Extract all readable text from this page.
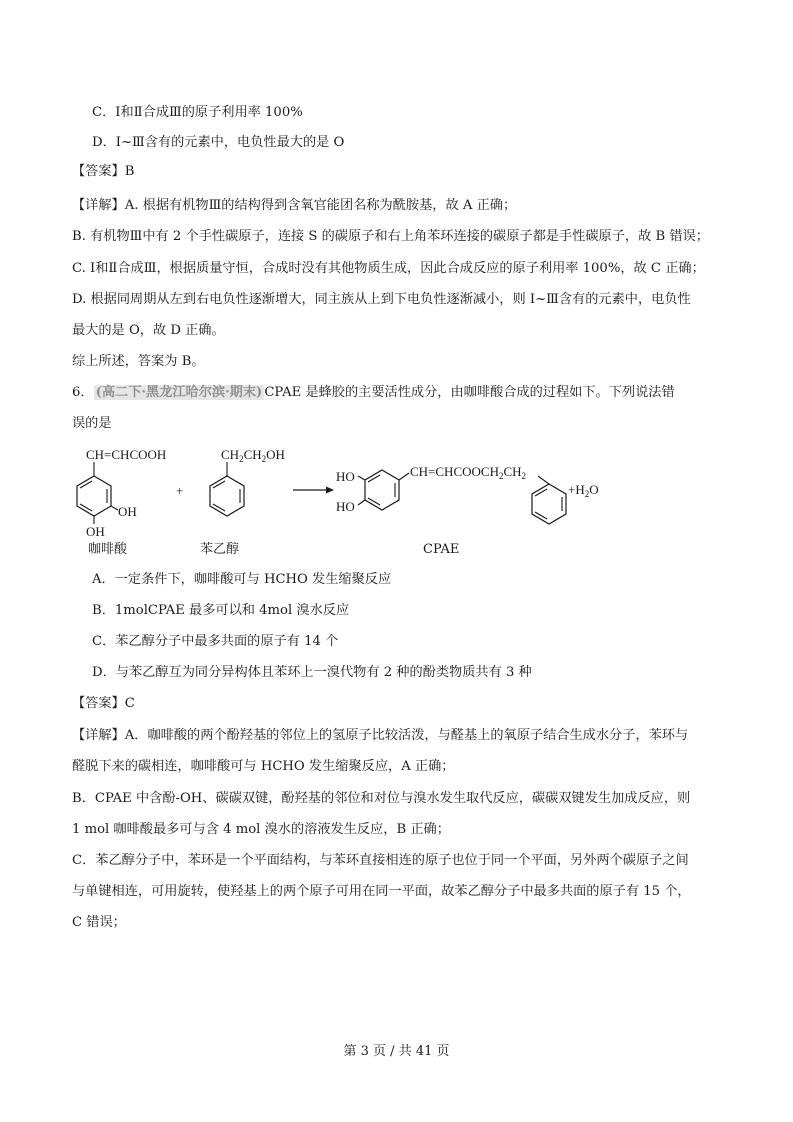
C．Ⅰ和Ⅱ合成Ⅲ的原子利用率 100%
D．Ⅰ~Ⅲ含有的元素中，电负性最大的是 O
【答案】B
【详解】A. 根据有机物Ⅲ的结构得到含氧官能团名称为酰胺基，故 A 正确；
B. 有机物Ⅲ中有 2 个手性碳原子，连接 S 的碳原子和右上角苯环连接的碳原子都是手性碳原子，故 B 错误；
C. Ⅰ和Ⅱ合成Ⅲ，根据质量守恒，合成时没有其他物质生成，因此合成反应的原子利用率 100%，故 C 正确；
D. 根据同周期从左到右电负性逐渐增大，同主族从上到下电负性逐渐减小，则 Ⅰ~Ⅲ含有的元素中，电负性
最大的是 O，故 D 正确。
综上所述，答案为 B。
6． (高二下·黑龙江哈尔滨·期末) CPAE 是蜂胶的主要活性成分，由咖啡酸合成的过程如下。下列说法错
误的是
CH=CHCOOH
OH
OH
+
$CH_2CH_2OH$
HO
HO
$CH=CHCOOCH_2CH_2$
$+H_2O$
咖啡酸	苯乙醇	CPAE
A．一定条件下，咖啡酸可与 HCHO 发生缩聚反应
B．1molCPAE 最多可以和 4mol 溴水反应
C．苯乙醇分子中最多共面的原子有 14 个
D．与苯乙醇互为同分异构体且苯环上一溴代物有 2 种的酚类物质共有 3 种
【答案】C
【详解】A．咖啡酸的两个酚羟基的邻位上的氢原子比较活泼，与醛基上的氧原子结合生成水分子，苯环与
醛脱下来的碳相连，咖啡酸可与 HCHO 发生缩聚反应，A 正确；
B．CPAE 中含酚-OH、碳碳双键，酚羟基的邻位和对位与溴水发生取代反应，碳碳双键发生加成反应，则
1 mol 咖啡酸最多可与含 4 mol 溴水的溶液发生反应，B 正确；
C．苯乙醇分子中，苯环是一个平面结构，与苯环直接相连的原子也位于同一个平面，另外两个碳原子之间
与单键相连，可用旋转，使羟基上的两个原子可用在同一平面，故苯乙醇分子中最多共面的原子有 15 个，
C 错误；
第 3 页 / 共 41 页
